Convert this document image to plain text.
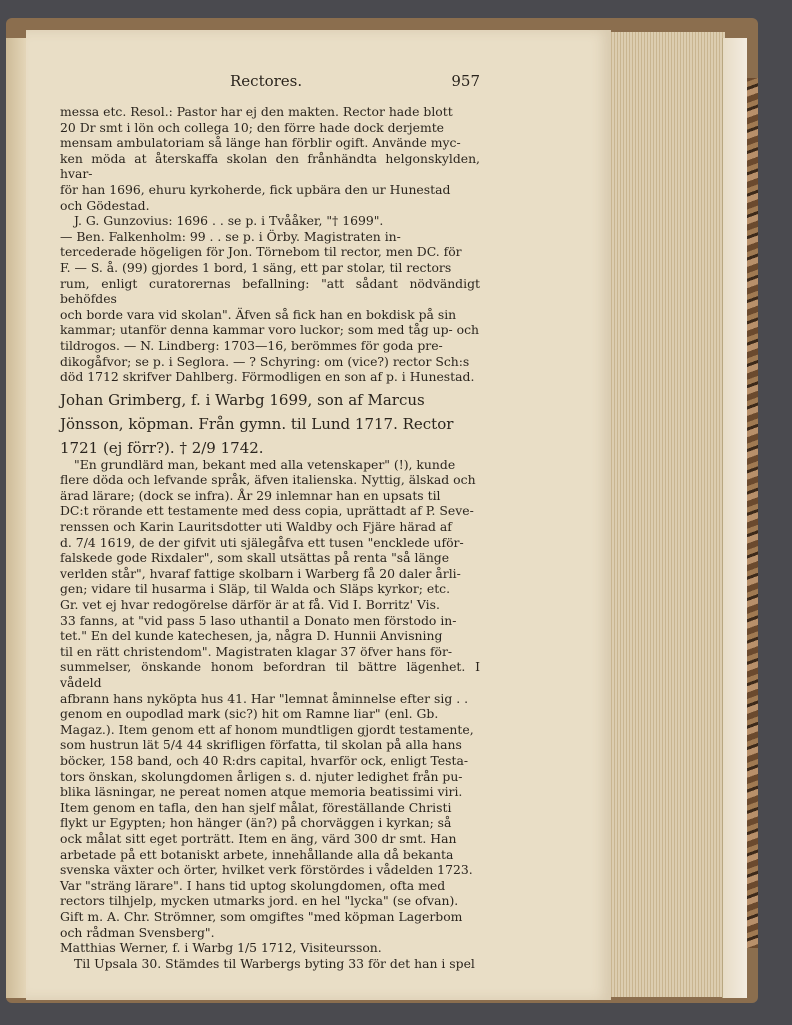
Rectores.	957

messa etc. Resol.: Pastor har ej den makten. Rector hade blott

20 Dr smt i lön och collega 10; den förre hade dock derjemte

mensam ambulatoriam så länge han förblir ogift. Använde myc-

ken möda at återskaffa skolan den frånhändta helgonskylden, hvar-

för han 1696, ehuru kyrkoherde, fick upbära den ur Hunestad

och Gödestad.

J. G. Gunzovius: 1696 . . se p. i Tvååker, "† 1699".

— Ben. Falkenholm: 99 . . se p. i Örby. Magistraten in-

tercederade högeligen för Jon. Törnebom til rector, men DC. för

F. — S. å. (99) gjordes 1 bord, 1 säng, ett par stolar, til rectors

rum, enligt curatorernas befallning: "att sådant nödvändigt behöfdes

och borde vara vid skolan". Äfven så fick han en bokdisk på sin

kammar; utanför denna kammar voro luckor; som med tåg up- och

tildrogos. — N. Lindberg: 1703—16, berömmes för goda pre-

dikogåfvor; se p. i Seglora. — ? Schyring: om (vice?) rector Sch:s

död 1712 skrifver Dahlberg. Förmodligen en son af p. i Hunestad.

Johan Grimberg, f. i Warbg 1699, son af Marcus

Jönsson, köpman. Från gymn. til Lund 1717. Rector

1721 (ej förr?). † 2/9 1742.

"En grundlärd man, bekant med alla vetenskaper" (!), kunde

flere döda och lefvande språk, äfven italienska. Nyttig, älskad och

ärad lärare; (dock se infra). År 29 inlemnar han en upsats til

DC:t rörande ett testamente med dess copia, uprättadt af P. Seve-

renssen och Karin Lauritsdotter uti Waldby och Fjäre härad af

d. 7/4 1619, de der gifvit uti själegåfva ett tusen "encklede uför-

falskede gode Rixdaler", som skall utsättas på renta "så länge

verlden står", hvaraf fattige skolbarn i Warberg få 20 daler årli-

gen; vidare til husarma i Släp, til Walda och Släps kyrkor; etc.

Gr. vet ej hvar redogörelse därför är at få. Vid I. Borritz' Vis.

33 fanns, at "vid pass 5 laso uthantil a Donato men förstodo in-

tet." En del kunde katechesen, ja, några D. Hunnii Anvisning

til en rätt christendom". Magistraten klagar 37 öfver hans för-

summelser, önskande honom befordran til bättre lägenhet. I vådeld

afbrann hans nyköpta hus 41. Har "lemnat åminnelse efter sig . .

genom en oupodlad mark (sic?) hit om Ramne liar" (enl. Gb.

Magaz.). Item genom ett af honom mundtligen gjordt testamente,

som hustrun lät 5/4 44 skrifligen författa, til skolan på alla hans

böcker, 158 band, och 40 R:drs capital, hvarför ock, enligt Testa-

tors önskan, skolungdomen årligen s. d. njuter ledighet från pu-

blika läsningar, ne pereat nomen atque memoria beatissimi viri.

Item genom en tafla, den han sjelf målat, föreställande Christi

flykt ur Egypten; hon hänger (än?) på chorväggen i kyrkan; så

ock målat sitt eget porträtt. Item en äng, värd 300 dr smt. Han

arbetade på ett botaniskt arbete, innehållande alla då bekanta

svenska växter och örter, hvilket verk förstördes i vådelden 1723.

Var "sträng lärare". I hans tid uptog skolungdomen, ofta med

rectors tilhjelp, mycken utmarks jord. en hel "lycka" (se ofvan).

Gift m. A. Chr. Strömner, som omgiftes "med köpman Lagerbom

och rådman Svensberg".

Matthias Werner, f. i Warbg 1/5 1712, Visiteursson.

Til Upsala 30. Stämdes til Warbergs byting 33 för det han i spel
